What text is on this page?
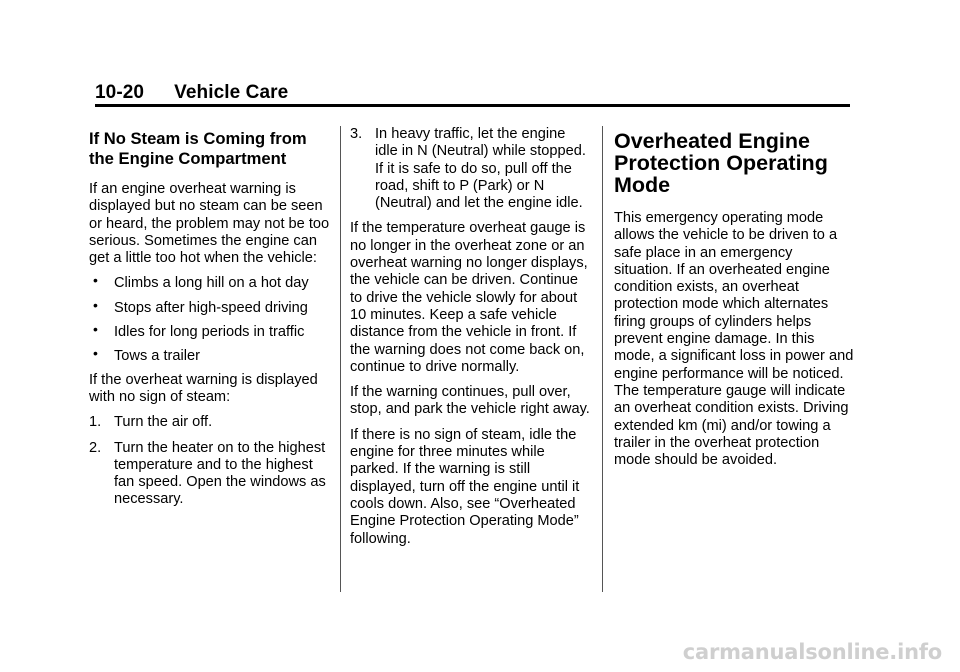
10-20 Vehicle Care
If No Steam is Coming from the Engine Compartment

If an engine overheat warning is displayed but no steam can be seen or heard, the problem may not be too serious. Sometimes the engine can get a little too hot when the vehicle:

• Climbs a long hill on a hot day
• Stops after high-speed driving
• Idles for long periods in traffic
• Tows a trailer

If the overheat warning is displayed with no sign of steam:

1. Turn the air off.
2. Turn the heater on to the highest temperature and to the highest fan speed. Open the windows as necessary.
3. In heavy traffic, let the engine idle in N (Neutral) while stopped. If it is safe to do so, pull off the road, shift to P (Park) or N (Neutral) and let the engine idle.

If the temperature overheat gauge is no longer in the overheat zone or an overheat warning no longer displays, the vehicle can be driven. Continue to drive the vehicle slowly for about 10 minutes. Keep a safe vehicle distance from the vehicle in front. If the warning does not come back on, continue to drive normally.

If the warning continues, pull over, stop, and park the vehicle right away.

If there is no sign of steam, idle the engine for three minutes while parked. If the warning is still displayed, turn off the engine until it cools down. Also, see “Overheated Engine Protection Operating Mode” following.

Overheated Engine Protection Operating Mode

This emergency operating mode allows the vehicle to be driven to a safe place in an emergency situation. If an overheated engine condition exists, an overheat protection mode which alternates firing groups of cylinders helps prevent engine damage. In this mode, a significant loss in power and engine performance will be noticed. The temperature gauge will indicate an overheat condition exists. Driving extended km (mi) and/or towing a trailer in the overheat protection mode should be avoided.

carmanualsonline.info
